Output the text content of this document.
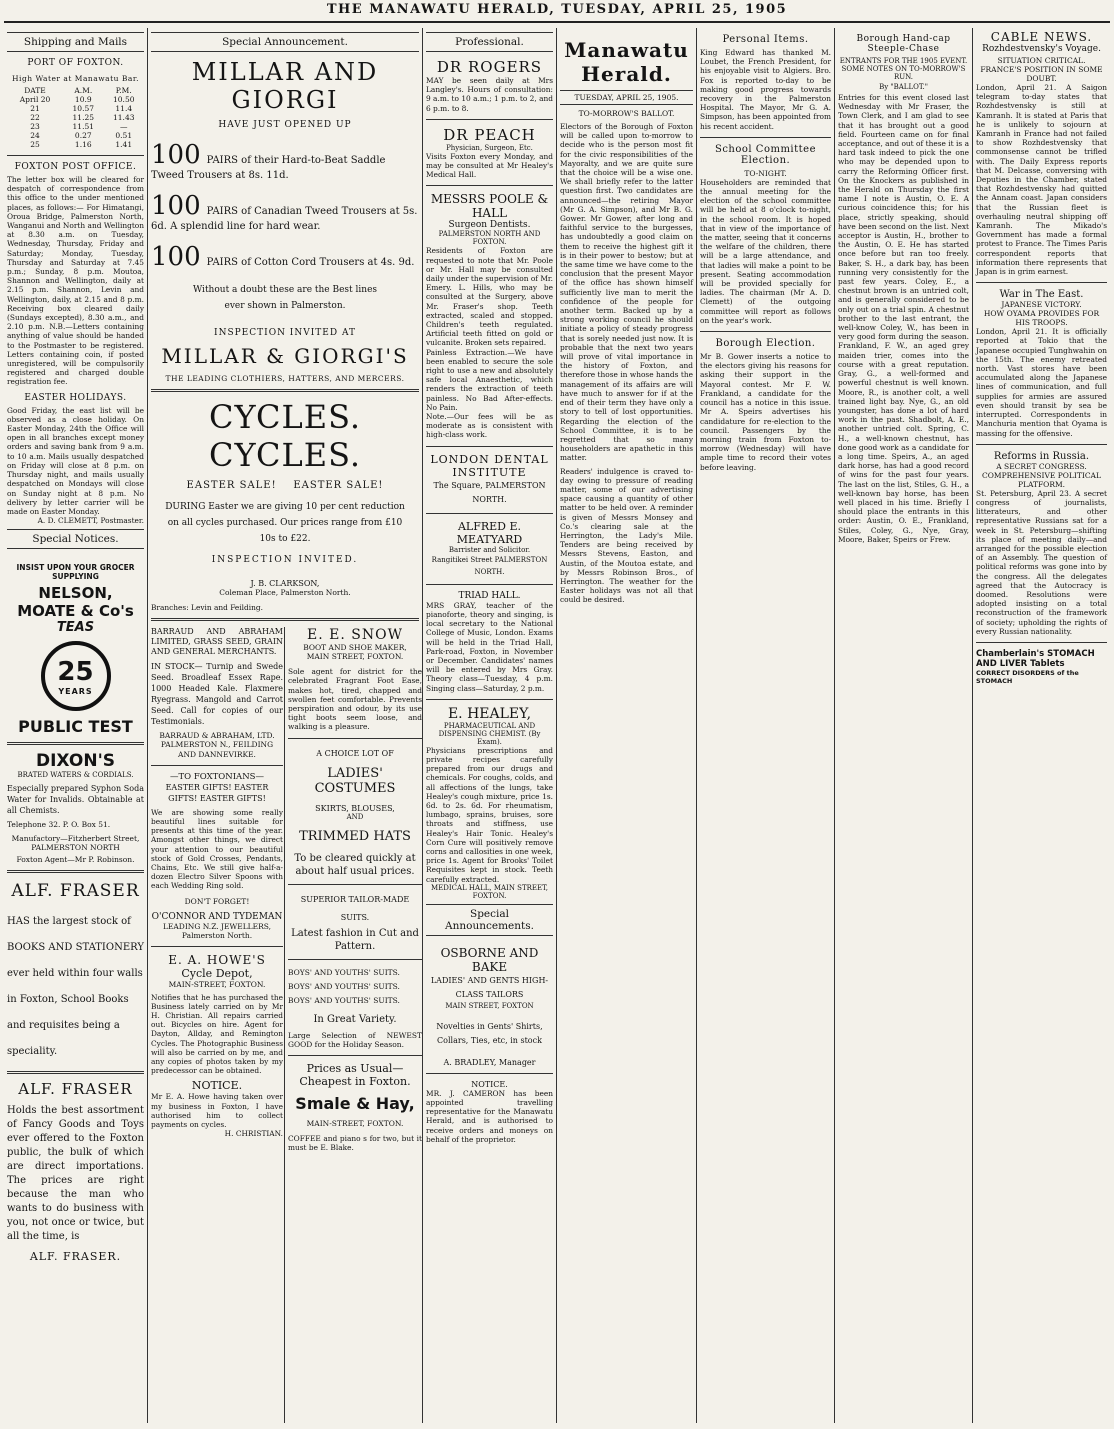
THE MANAWATU HERALD, TUESDAY, APRIL 25, 1905
Shipping and Mails
PORT OF FOXTON.
High Water at Manawatu Bar.
DATE	A.M.	P.M.
April 20	10.9	10.50
21	10.57	11.4
22	11.25	11.43
23	11.51	—
24	0.27	0.51
25	1.16	1.41
FOXTON POST OFFICE.
The letter box will be cleared for despatch of correspondence from this office to the under mentioned places, as follows:— For Himatangi, Oroua Bridge, Palmerston North, Wanganui and North and Wellington at 8.30 a.m. on Tuesday, Wednesday, Thursday, Friday and Saturday; Monday, Tuesday, Thursday and Saturday at 7.45 p.m.; Sunday, 8 p.m. Moutoa, Shannon and Wellington, daily at 2.15 p.m. Shannon, Levin and Wellington, daily, at 2.15 and 8 p.m. Receiving box cleared daily (Sundays excepted), 8.30 a.m., and 2.10 p.m. N.B.—Letters containing anything of value should be handed to the Postmaster to be registered. Letters containing coin, if posted unregistered, will be compulsorily registered and charged double registration fee.
EASTER HOLIDAYS.
Good Friday, the east list will be observed as a close holiday. On Easter Monday, 24th the Office will open in all branches except money orders and saving bank from 9 a.m. to 10 a.m. Mails usually despatched on Friday will close at 8 p.m. on Thursday night, and mails usually despatched on Mondays will close on Sunday night at 8 p.m. No delivery by letter carrier will be made on Easter Monday.
A. D. CLEMETT, Postmaster.
Special Notices.
INSIST UPON YOUR GROCER SUPPLYING
NELSON, MOATE & Co's
TEAS
25
YEARS
PUBLIC TEST
DIXON'S
BRATED WATERS & CORDIALS.
Especially prepared Syphon Soda Water for Invalids. Obtainable at all Chemists.
Telephone 32. P. O. Box 51.
Manufactory—Fitzherbert Street, PALMERSTON NORTH
Foxton Agent—Mr P. Robinson.
ALF. FRASER
HAS the largest stock of BOOKS AND STATIONERY ever held within four walls in Foxton, School Books and requisites being a speciality.
ALF. FRASER
Holds the best assortment of Fancy Goods and Toys ever offered to the Foxton public, the bulk of which are direct importations. The prices are right because the man who wants to do business with you, not once or twice, but all the time, is
ALF. FRASER.
Special Announcement.
MILLAR AND GIORGI
HAVE JUST OPENED UP
100 PAIRS of their Hard-to-Beat Saddle Tweed Trousers at 8s. 11d.
100 PAIRS of Canadian Tweed Trousers at 5s. 6d. A splendid line for hard wear.
100 PAIRS of Cotton Cord Trousers at 4s. 9d.
Without a doubt these are the Best lines ever shown in Palmerston.
INSPECTION INVITED AT
MILLAR & GIORGI'S
THE LEADING CLOTHIERS, HATTERS, AND MERCERS.
CYCLES. CYCLES.
EASTER SALE!    EASTER SALE!
DURING Easter we are giving 10 per cent reduction on all cycles purchased. Our prices range from £10 10s to £22.
INSPECTION INVITED.
J. B. CLARKSON,
Coleman Place, Palmerston North.
Branches: Levin and Feilding.
BARRAUD AND ABRAHAM LIMITED, GRASS SEED, GRAIN AND GENERAL MERCHANTS.
IN STOCK— Turnip and Swede Seed. Broadleaf Essex Rape. 1000 Headed Kale. Flaxmere Ryegrass. Mangold and Carrot Seed. Call for copies of our Testimonials.
BARRAUD & ABRAHAM, LTD. PALMERSTON N., FEILDING AND DANNEVIRKE.
—TO FOXTONIANS—
EASTER GIFTS! EASTER GIFTS! EASTER GIFTS!
We are showing some really beautiful lines suitable for presents at this time of the year. Amongst other things, we direct your attention to our beautiful stock of Gold Crosses, Pendants, Chains, Etc. We still give half-a-dozen Electro Silver Spoons with each Wedding Ring sold.
DON'T FORGET!
O'CONNOR AND TYDEMAN
LEADING N.Z. JEWELLERS, Palmerston North.
E. A. HOWE'S
Cycle Depot,
MAIN-STREET, FOXTON.
Notifies that he has purchased the Business lately carried on by Mr H. Christian. All repairs carried out. Bicycles on hire. Agent for Dayton, Allday, and Remington Cycles. The Photographic Business will also be carried on by me, and any copies of photos taken by my predecessor can be obtained.
NOTICE.
Mr E. A. Howe having taken over my business in Foxton, I have authorised him to collect payments on cycles.
H. CHRISTIAN.
E. E. SNOW
BOOT AND SHOE MAKER,
MAIN STREET, FOXTON.
Sole agent for district for the celebrated Fragrant Foot Ease, makes hot, tired, chapped and swollen feet comfortable. Prevents perspiration and odour, by its use tight boots seem loose, and walking is a pleasure.
A CHOICE LOT OF
LADIES' COSTUMES
SKIRTS, BLOUSES,
AND
TRIMMED HATS
To be cleared quickly at about half usual prices.
SUPERIOR TAILOR-MADE SUITS.
Latest fashion in Cut and Pattern.
BOYS' AND YOUTHS' SUITS.
BOYS' AND YOUTHS' SUITS.
BOYS' AND YOUTHS' SUITS.
In Great Variety.
Large Selection of NEWEST GOOD for the Holiday Season.
Prices as Usual—
Cheapest in Foxton.
Smale & Hay,
MAIN-STREET, FOXTON.
COFFEE and piano s for two, but it must be E. Blake.
Professional.
DR ROGERS
MAY be seen daily at Mrs Langley's. Hours of consultation: 9 a.m. to 10 a.m.; 1 p.m. to 2, and 6 p.m. to 8.
DR PEACH
Physician, Surgeon, Etc.
Visits Foxton every Monday, and may be consulted at Mr Healey's Medical Hall.
MESSRS POOLE & HALL
Surgeon Dentists.
PALMERSTON NORTH AND FOXTON.
Residents of Foxton are requested to note that Mr. Poole or Mr. Hall may be consulted daily under the supervision of Mr. Emery. L. Hills, who may be consulted at the Surgery, above Mr. Fraser's shop. Teeth extracted, scaled and stopped. Children's teeth regulated. Artificial teeth fitted on gold or vulcanite. Broken sets repaired.
Painless Extraction.—We have been enabled to secure the sole right to use a new and absolutely safe local Anaesthetic, which renders the extraction of teeth painless. No Bad After-effects. No Pain.
Note.—Our fees will be as moderate as is consistent with high-class work.
LONDON DENTAL INSTITUTE
The Square, PALMERSTON NORTH.
ALFRED E. MEATYARD
Barrister and Solicitor.
Rangitikei Street PALMERSTON NORTH.
TRIAD HALL.
MRS GRAY, teacher of the pianoforte, theory and singing, is local secretary to the National College of Music, London. Exams will be held in the Triad Hall, Park-road, Foxton, in November or December. Candidates' names will be entered by Mrs Gray. Theory class—Tuesday, 4 p.m. Singing class—Saturday, 2 p.m.
E. HEALEY,
PHARMACEUTICAL AND DISPENSING CHEMIST. (By Exam).
Physicians prescriptions and private recipes carefully prepared from our drugs and chemicals. For coughs, colds, and all affections of the lungs, take Healey's cough mixture, price 1s. 6d. to 2s. 6d. For rheumatism, lumbago, sprains, bruises, sore throats and stiffness, use Healey's Hair Tonic. Healey's Corn Cure will positively remove corns and callosities in one week, price 1s. Agent for Brooks' Toilet Requisites kept in stock. Teeth carefully extracted.
MEDICAL HALL, MAIN STREET, FOXTON.
Special Announcements.
OSBORNE AND BAKE
LADIES' AND GENTS HIGH-CLASS TAILORS
MAIN STREET, FOXTON
Novelties in Gents' Shirts, Collars, Ties, etc, in stock
A. BRADLEY, Manager
NOTICE.
MR. J. CAMERON has been appointed travelling representative for the Manawatu Herald, and is authorised to receive orders and moneys on behalf of the proprietor.
Manawatu Herald.
TUESDAY, APRIL 25, 1905.
TO-MORROW'S BALLOT.
Electors of the Borough of Foxton will be called upon to-morrow to decide who is the person most fit for the civic responsibilities of the Mayoralty, and we are quite sure that the choice will be a wise one. We shall briefly refer to the latter question first. Two candidates are announced—the retiring Mayor (Mr G. A. Simpson), and Mr B. G. Gower. Mr Gower, after long and faithful service to the burgesses, has undoubtedly a good claim on them to receive the highest gift it is in their power to bestow; but at the same time we have come to the conclusion that the present Mayor of the office has shown himself sufficiently live man to merit the confidence of the people for another term. Backed up by a strong working council he should initiate a policy of steady progress that is sorely needed just now. It is probable that the next two years will prove of vital importance in the history of Foxton, and therefore those in whose hands the management of its affairs are will have much to answer for if at the end of their term they have only a story to tell of lost opportunities. Regarding the election of the School Committee, it is to be regretted that so many householders are apathetic in this matter.
Readers' indulgence is craved to-day owing to pressure of reading matter, some of our advertising space causing a quantity of other matter to be held over. A reminder is given of Messrs Monsey and Co.'s clearing sale at the Herrington, the Lady's Mile. Tenders are being received by Messrs Stevens, Easton, and Austin, of the Moutoa estate, and by Messrs Robinson Bros., of Herrington. The weather for the Easter holidays was not all that could be desired.
Personal Items.
King Edward has thanked M. Loubet, the French President, for his enjoyable visit to Algiers. Bro. Fox is reported to-day to be making good progress towards recovery in the Palmerston Hospital. The Mayor, Mr G. A. Simpson, has been appointed from his recent accident.
School Committee Election.
TO-NIGHT.
Householders are reminded that the annual meeting for the election of the school committee will be held at 8 o'clock to-night, in the school room. It is hoped that in view of the importance of the matter, seeing that it concerns the welfare of the children, there will be a large attendance, and that ladies will make a point to be present. Seating accommodation will be provided specially for ladies. The chairman (Mr A. D. Clemett) of the outgoing committee will report as follows on the year's work.
Borough Election.
Mr B. Gower inserts a notice to the electors giving his reasons for asking their support in the Mayoral contest. Mr F. W. Frankland, a candidate for the council has a notice in this issue. Mr A. Speirs advertises his candidature for re-election to the council. Passengers by the morning train from Foxton to-morrow (Wednesday) will have ample time to record their votes before leaving.
Borough Hand-cap Steeple-Chase
ENTRANTS FOR THE 1905 EVENT.
SOME NOTES ON TO-MORROW'S RUN.
By "BALLOT."
Entries for this event closed last Wednesday with Mr Fraser, the Town Clerk, and I am glad to see that it has brought out a good field. Fourteen came on for final acceptance, and out of these it is a hard task indeed to pick the one who may be depended upon to carry the Reforming Officer first. On the Knockers as published in the Herald on Thursday the first name I note is Austin, O. E. A curious coincidence this; for his place, strictly speaking, should have been second on the list. Next acceptor is Austin, H., brother to the Austin, O. E. He has started once before but ran too freely. Baker, S. H., a dark bay, has been running very consistently for the past few years. Coley, E., a chestnut brown is an untried colt, and is generally considered to be only out on a trial spin. A chestnut brother to the last entrant, the well-know Coley, W., has been in very good form during the season. Frankland, F. W., an aged grey maiden trier, comes into the course with a great reputation. Gray, G., a well-formed and powerful chestnut is well known. Moore, R., is another colt, a well trained light bay. Nye, G., an old youngster, has done a lot of hard work in the past. Shadbolt, A. E., another untried colt. Spring, C. H., a well-known chestnut, has done good work as a candidate for a long time. Speirs, A., an aged dark horse, has had a good record of wins for the past four years. The last on the list, Stiles, G. H., a well-known bay horse, has been well placed in his time. Briefly I should place the entrants in this order: Austin, O. E., Frankland, Stiles, Coley, G., Nye, Gray, Moore, Baker, Speirs or Frew.
CABLE NEWS.
Rozhdestvensky's Voyage.
SITUATION CRITICAL.
FRANCE'S POSITION IN SOME DOUBT.
London, April 21. A Saigon telegram to-day states that Rozhdestvensky is still at Kamranh. It is stated at Paris that he is unlikely to sojourn at Kamranh in France had not failed to show Rozhdestvensky that commonsense cannot be trifled with. The Daily Express reports that M. Delcasse, conversing with Deputies in the Chamber, stated that Rozhdestvensky had quitted the Annam coast. Japan considers that the Russian fleet is overhauling neutral shipping off Kamranh. The Mikado's Government has made a formal protest to France. The Times Paris correspondent reports that information there represents that Japan is in grim earnest.
War in The East.
JAPANESE VICTORY.
HOW OYAMA PROVIDES FOR HIS TROOPS.
London, April 21. It is officially reported at Tokio that the Japanese occupied Tunghwahin on the 15th. The enemy retreated north. Vast stores have been accumulated along the Japanese lines of communication, and full supplies for armies are assured even should transit by sea be interrupted. Correspondents in Manchuria mention that Oyama is massing for the offensive.
Reforms in Russia.
A SECRET CONGRESS.
COMPREHENSIVE POLITICAL PLATFORM.
St. Petersburg, April 23. A secret congress of journalists, litterateurs, and other representative Russians sat for a week in St. Petersburg—shifting its place of meeting daily—and arranged for the possible election of an Assembly. The question of political reforms was gone into by the congress. All the delegates agreed that the Autocracy is doomed. Resolutions were adopted insisting on a total reconstruction of the framework of society; upholding the rights of every Russian nationality.
Chamberlain's STOMACH AND LIVER Tablets
CORRECT DISORDERS of the STOMACH
